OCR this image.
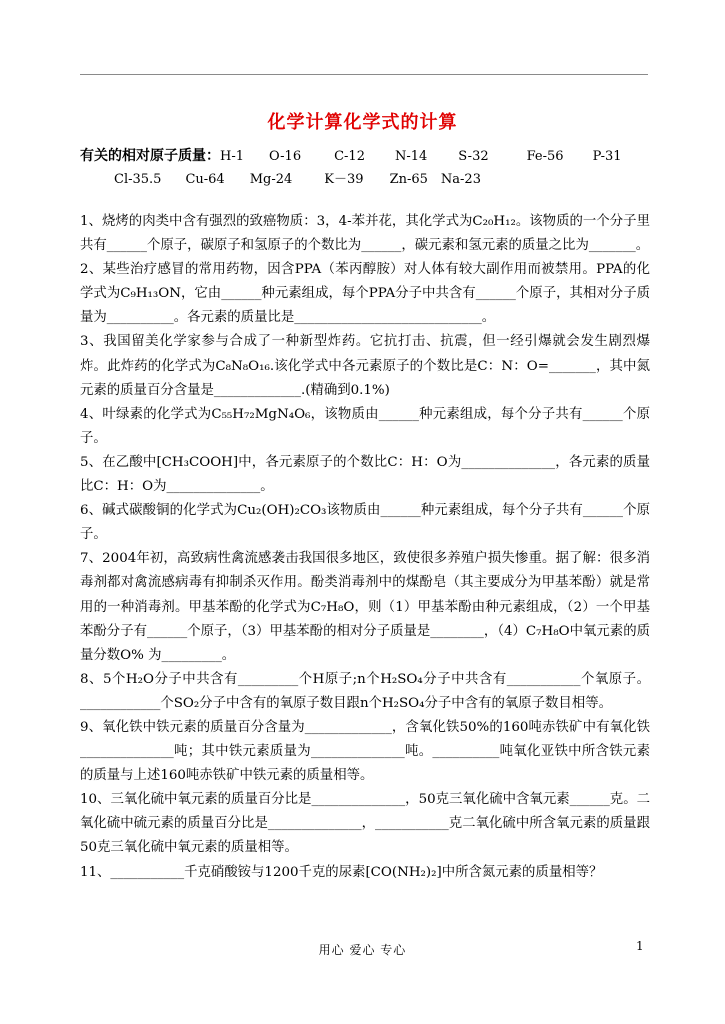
化学计算化学式的计算
有关的相对原子质量：H-1 O-16	C-12 N-14 S-32	Fe-56 P-31
Cl-35.5 Cu-64 Mg-24 K－39 Zn-65 Na-23

1、烧烤的肉类中含有强烈的致癌物质：3，4-苯并花，其化学式为C₂₀H₁₂。该物质的一个分子里共有______个原子，碳原子和氢原子的个数比为______，碳元素和氢元素的质量之比为_______。

2、某些治疗感冒的常用药物，因含PPA（苯丙醇胺）对人体有较大副作用而被禁用。PPA的化学式为C₉H₁₃ON，它由______种元素组成，每个PPA分子中共含有______个原子，其相对分子质量为__________。各元素的质量比是____________________________。

3、我国留美化学家参与合成了一种新型炸药。它抗打击、抗震，但一经引爆就会发生剧烈爆炸。此炸药的化学式为C₈N₈O₁₆.该化学式中各元素原子的个数比是C：N：O=_______，其中氮元素的质量百分含量是_____________.(精确到0.1%)

4、叶绿素的化学式为C₅₅H₇₂MgN₄O₆，该物质由______种元素组成，每个分子共有______个原子。

5、在乙酸中[CH₃COOH]中，各元素原子的个数比C：H：O为______________，各元素的质量比C：H：O为______________。

6、碱式碳酸铜的化学式为Cu₂(OH)₂CO₃该物质由______种元素组成，每个分子共有______个原子。

7、2004年初，高致病性禽流感袭击我国很多地区，致使很多养殖户损失惨重。据了解：很多消毒剂都对禽流感病毒有抑制杀灭作用。酚类消毒剂中的煤酚皂（其主要成分为甲基苯酚）就是常用的一种消毒剂。甲基苯酚的化学式为C₇H₈O，则（1）甲基苯酚由种元素组成，（2）一个甲基苯酚分子有______个原子，（3）甲基苯酚的相对分子质量是________，（4）C₇H₈O中氧元素的质量分数O% 为_________。

8、5个H₂O分子中共含有_________个H原子;n个H₂SO₄分子中共含有___________个氧原子。____________个SO₂分子中含有的氧原子数目跟n个H₂SO₄分子中含有的氧原子数目相等。

9、氧化铁中铁元素的质量百分含量为_____________，含氧化铁50%的160吨赤铁矿中有氧化铁______________吨；其中铁元素质量为______________吨。__________吨氧化亚铁中所含铁元素的质量与上述160吨赤铁矿中铁元素的质量相等。

10、三氧化硫中氧元素的质量百分比是______________，50克三氧化硫中含氧元素______克。二氧化硫中硫元素的质量百分比是______________，___________克二氧化硫中所含氧元素的质量跟50克三氧化硫中氧元素的质量相等。

11、___________千克硝酸铵与1200千克的尿素[CO(NH₂)₂]中所含氮元素的质量相等？

用心 爱心 专心	1
